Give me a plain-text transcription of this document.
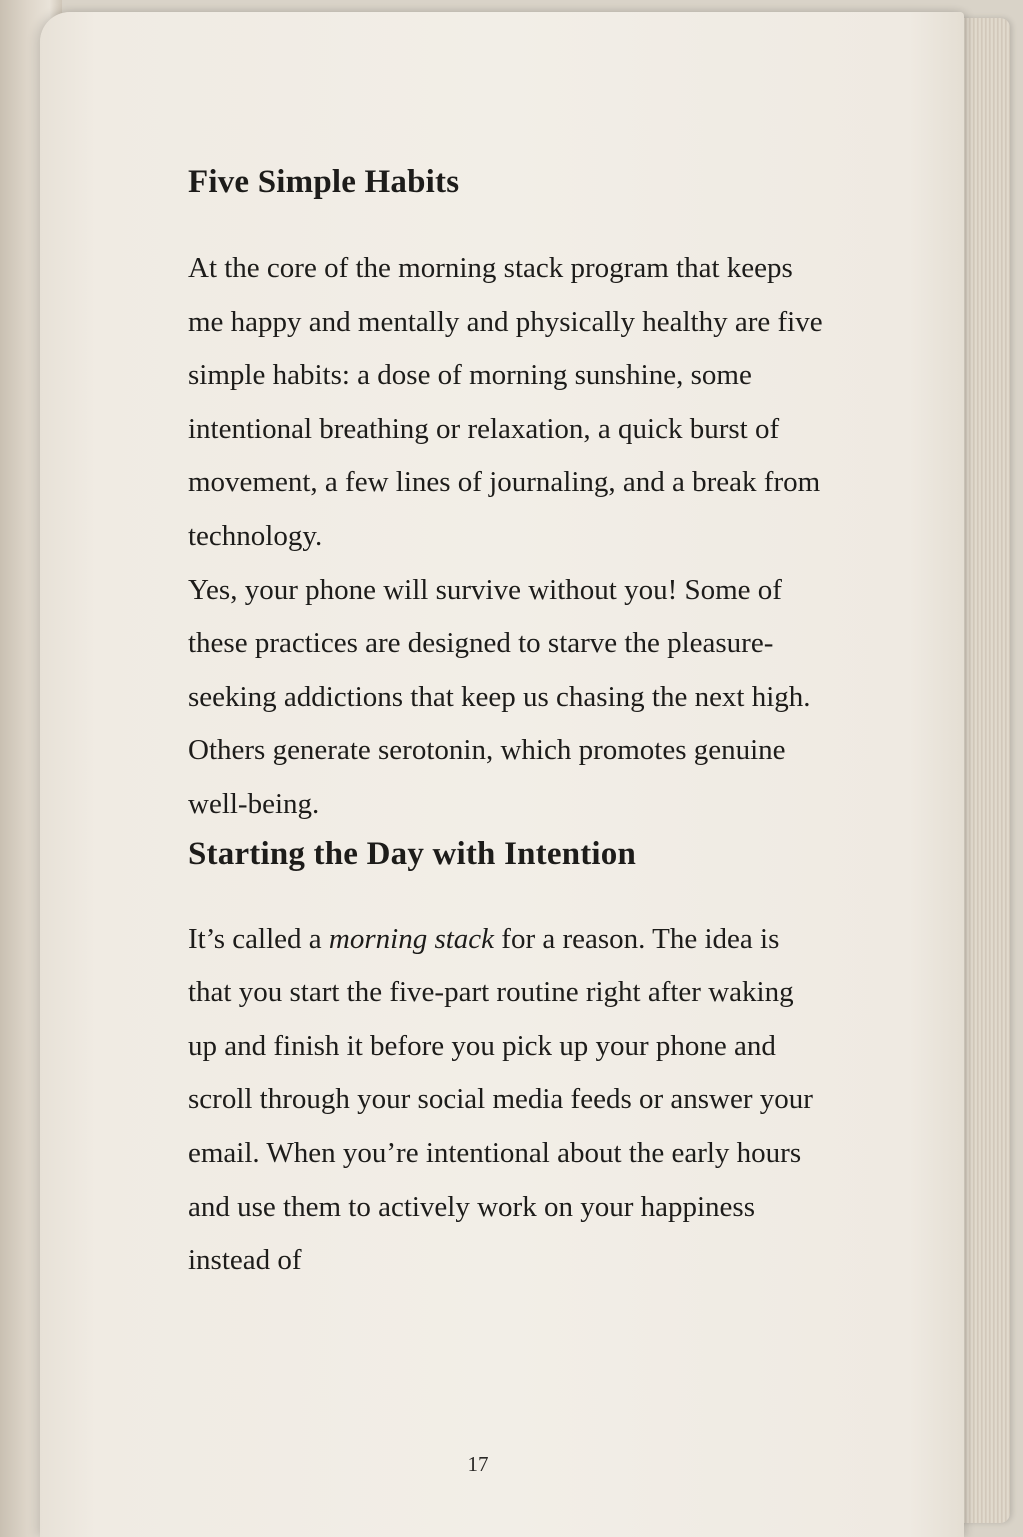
Five Simple Habits

At the core of the morning stack program that keeps me happy and mentally and physically healthy are five simple habits: a dose of morning sunshine, some intentional breathing or relaxation, a quick burst of movement, a few lines of journaling, and a break from technology.

Yes, your phone will survive without you! Some of these practices are designed to starve the pleasure-seeking addictions that keep us chasing the next high. Others generate serotonin, which promotes genuine well-being.

Starting the Day with Intention

It’s called a morning stack for a reason. The idea is that you start the five-part routine right after waking up and finish it before you pick up your phone and scroll through your social media feeds or answer your email. When you’re intentional about the early hours and use them to actively work on your happiness instead of

17
